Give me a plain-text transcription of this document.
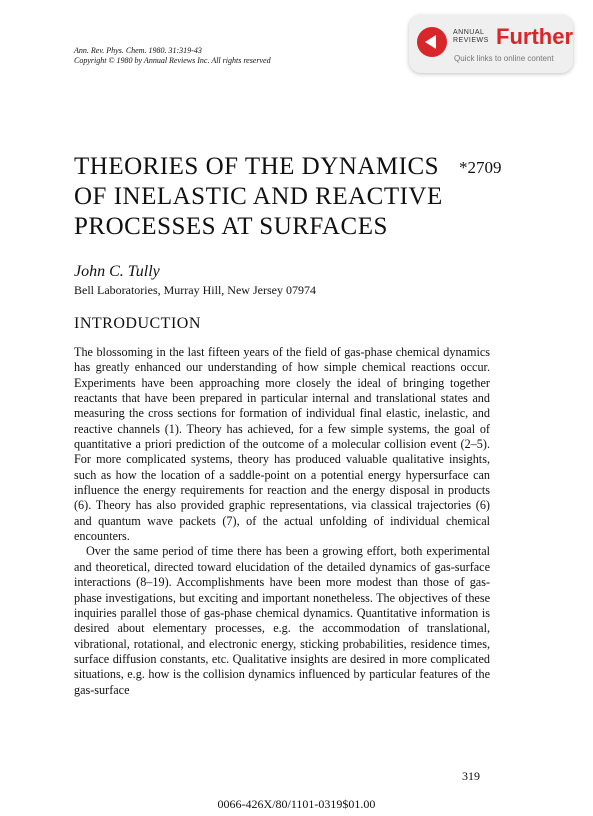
Ann. Rev. Phys. Chem. 1980. 31:319-43
Copyright © 1980 by Annual Reviews Inc. All rights reserved
ANNUAL
REVIEWS Further
Quick links to online content
THEORIES OF THE DYNAMICS
OF INELASTIC AND REACTIVE
PROCESSES AT SURFACES
*2709
John C. Tully
Bell Laboratories, Murray Hill, New Jersey 07974
INTRODUCTION

The blossoming in the last fifteen years of the field of gas-phase chemical dynamics has greatly enhanced our understanding of how simple chemical reactions occur. Experiments have been approaching more closely the ideal of bringing together reactants that have been prepared in particular internal and translational states and measuring the cross sections for formation of individual final elastic, inelastic, and reactive channels (1). Theory has achieved, for a few simple systems, the goal of quantitative a priori prediction of the outcome of a molecular collision event (2–5). For more complicated systems, theory has produced valuable qualitative insights, such as how the location of a saddle-point on a potential energy hypersurface can influence the energy requirements for reaction and the energy disposal in products (6). Theory has also provided graphic representations, via classical trajectories (6) and quantum wave packets (7), of the actual unfolding of individual chemical encounters.

Over the same period of time there has been a growing effort, both experimental and theoretical, directed toward elucidation of the detailed dynamics of gas-surface interactions (8–19). Accomplishments have been more modest than those of gas-phase investigations, but exciting and important nonetheless. The objectives of these inquiries parallel those of gas-phase chemical dynamics. Quantitative information is desired about elementary processes, e.g. the accommodation of translational, vibrational, rotational, and electronic energy, sticking probabilities, residence times, surface diffusion constants, etc. Qualitative insights are desired in more complicated situations, e.g. how is the collision dynamics influenced by particular features of the gas-surface

319
0066-426X/80/1101-0319$01.00
